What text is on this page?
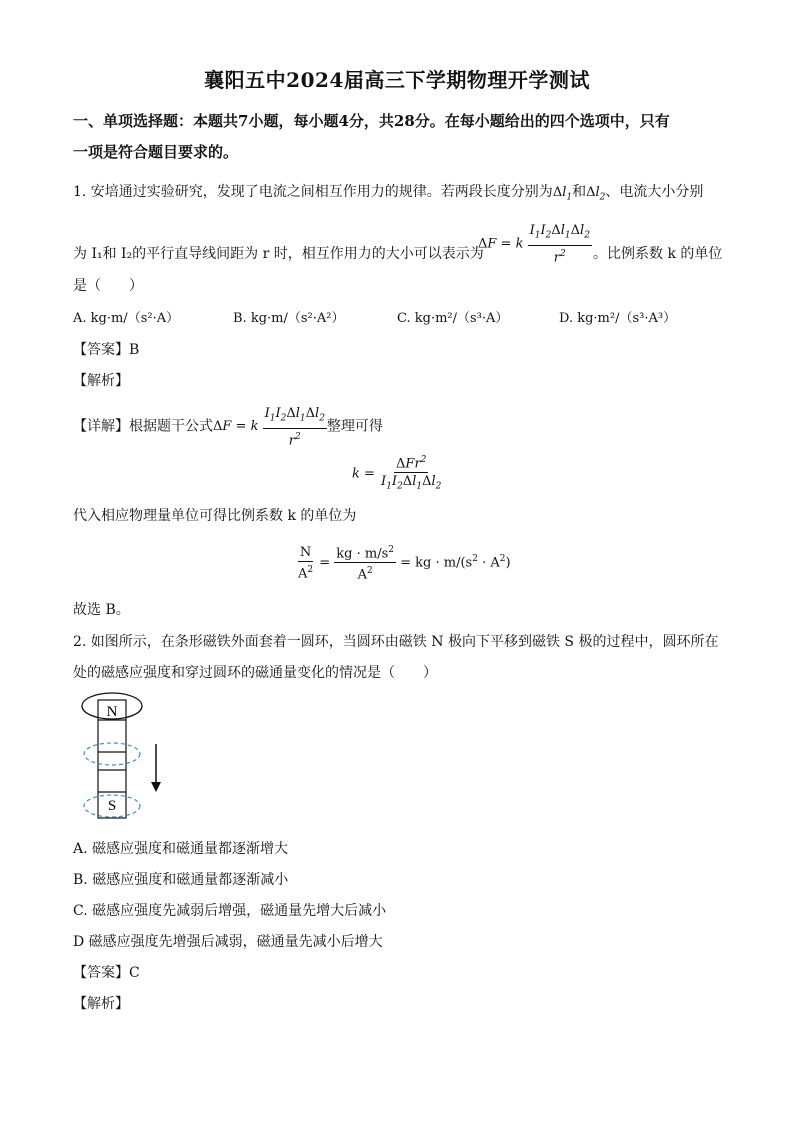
襄阳五中2024届高三下学期物理开学测试
一、单项选择题：本题共7小题，每小题4分，共28分。在每小题给出的四个选项中，只有
一项是符合题目要求的。
1. 安培通过实验研究，发现了电流之间相互作用力的规律。若两段长度分别为$\Delta l_1$和$\Delta l_2$、电流大小分别
为 I₁和 I₂的平行直导线间距为 r 时，相互作用力的大小可以表示为
ΔF = k $\frac{I_1I_2\Delta l_1\Delta l_2}{r^2}$ 。比例系数 k 的单位
是（　　）
A. kg·m/（s²·A）	B. kg·m/（s²·A²）	C. kg·m²/（s³·A）	D. kg·m²/（s³·A³）
【答案】B
【解析】
【详解】根据题干公式ΔF = k $\frac{I_1I_2\Delta l_1\Delta l_2}{r^2}$ 整理可得
$k = \frac{\Delta Fr^2}{I_1I_2\Delta l_1\Delta l_2}$
代入相应物理量单位可得比例系数 k 的单位为
$\frac{N}{A^2} = \frac{kg \cdot m/s^2}{A^2}$ = kg · $m/(s^2 \cdot A^2)$
故选 B。
2. 如图所示，在条形磁铁外面套着一圆环，当圆环由磁铁 N 极向下平移到磁铁 S 极的过程中，圆环所在
处的磁感应强度和穿过圆环的磁通量变化的情况是（　　）
N
S
A. 磁感应强度和磁通量都逐渐增大
B. 磁感应强度和磁通量都逐渐减小
C. 磁感应强度先减弱后增强，磁通量先增大后减小
D 磁感应强度先增强后减弱，磁通量先减小后增大
【答案】C
【解析】
